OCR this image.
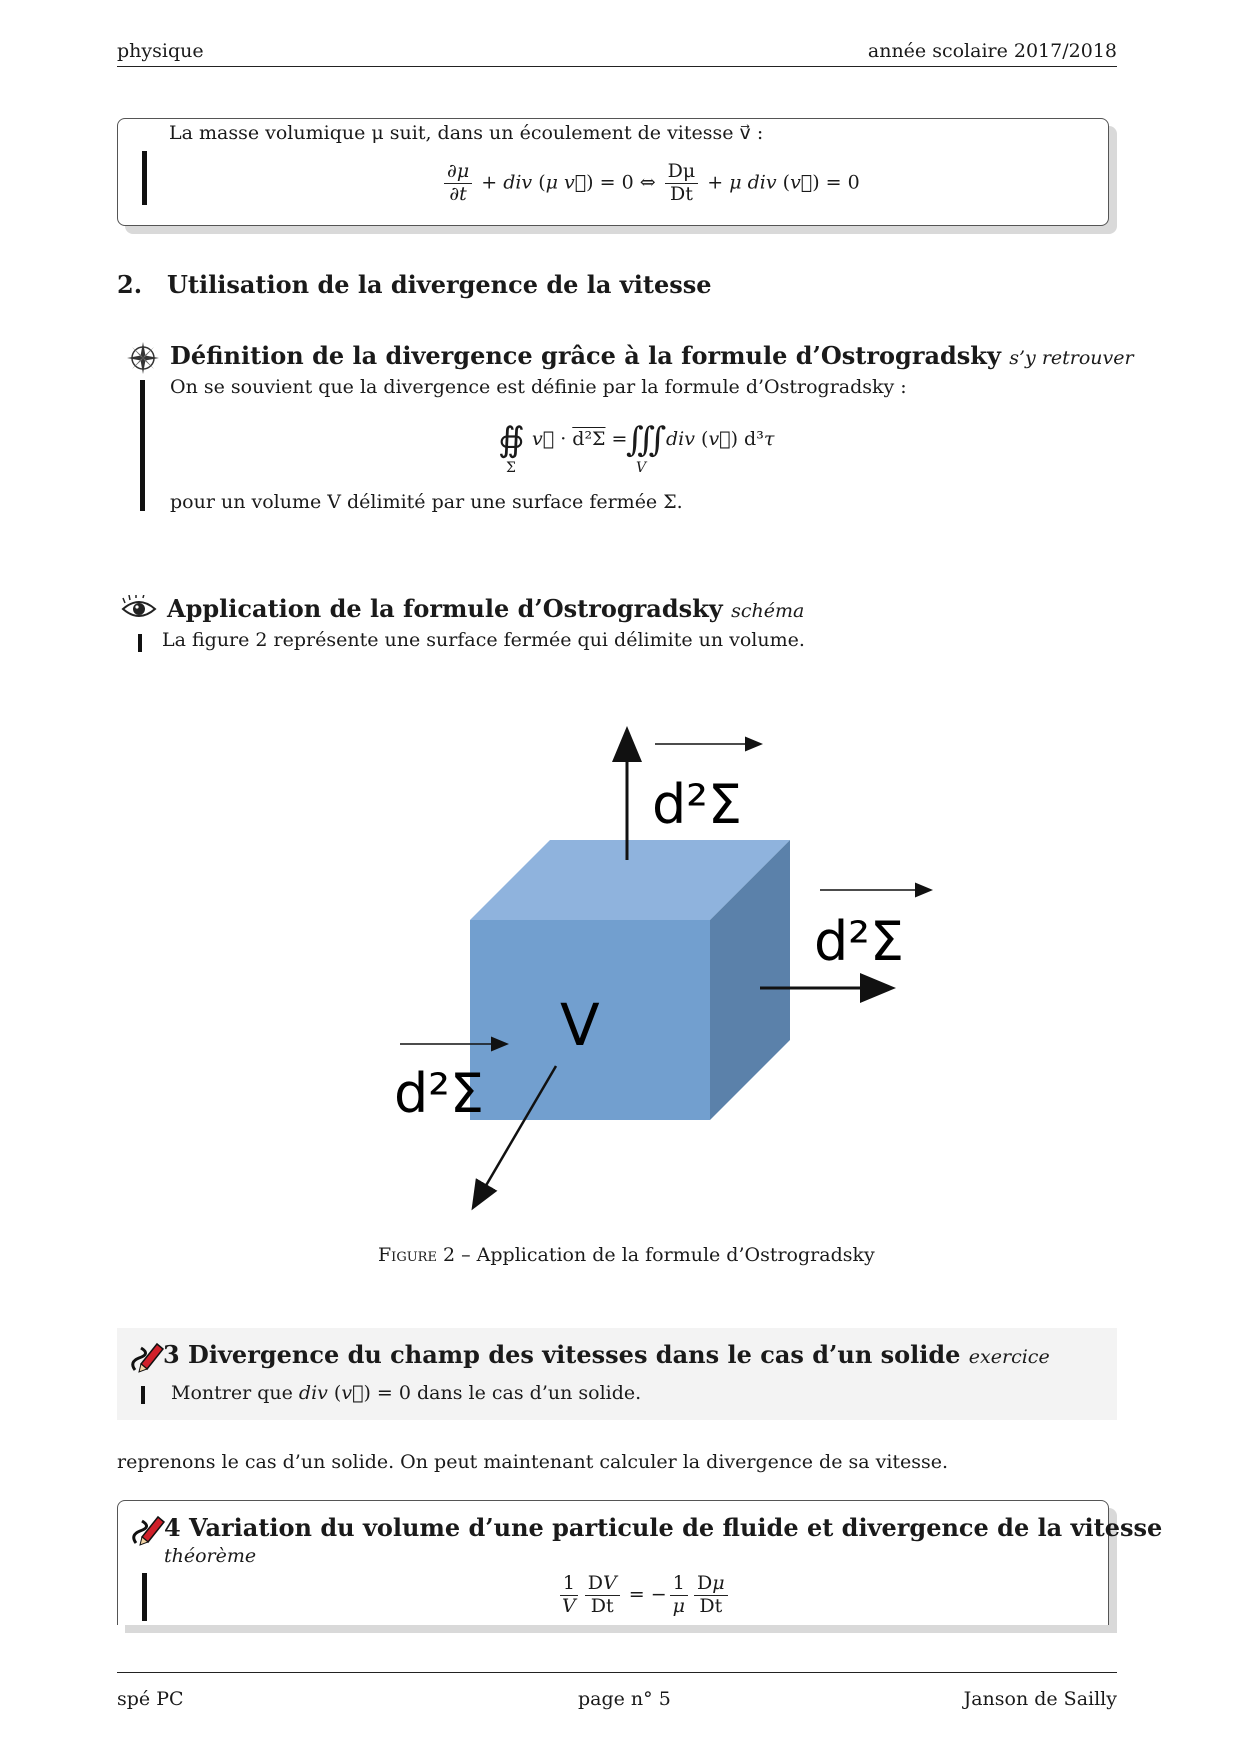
physique	année scolaire 2017/2018
La masse volumique μ suit, dans un écoulement de vitesse v⃗ :
$\frac{\partial\mu}{\partial t}$ + div (μ v⃗) = 0 ⇔ $\frac{D\mu}{Dt} + \mu$ div (v⃗) = 0
2. Utilisation de la divergence de la vitesse
Définition de la divergence grâce à la formule d’Ostrogradsky s’y retrouver
On se souvient que la divergence est définie par la formule d’Ostrogradsky :
∯
Σ
v⃗ · d²Σ =
∭
V
div (v⃗) d³τ
pour un volume V délimité par une surface fermée Σ.
Application de la formule d’Ostrogradsky schéma
La figure 2 représente une surface fermée qui délimite un volume.
d²Σ
d²Σ
d²Σ
V
Figure 2 – Application de la formule d’Ostrogradsky
3 Divergence du champ des vitesses dans le cas d’un solide exercice
Montrer que div (v⃗) = 0 dans le cas d’un solide.
reprenons le cas d’un solide. On peut maintenant calculer la divergence de sa vitesse.
4 Variation du volume d’une particule de fluide et divergence de la vitesse
théorème
$\frac{1}{V} \frac{DV}{Dt}$ = − $\frac{1}{\mu} \frac{D\mu}{Dt}$
spé PC	page n° 5	Janson de Sailly
